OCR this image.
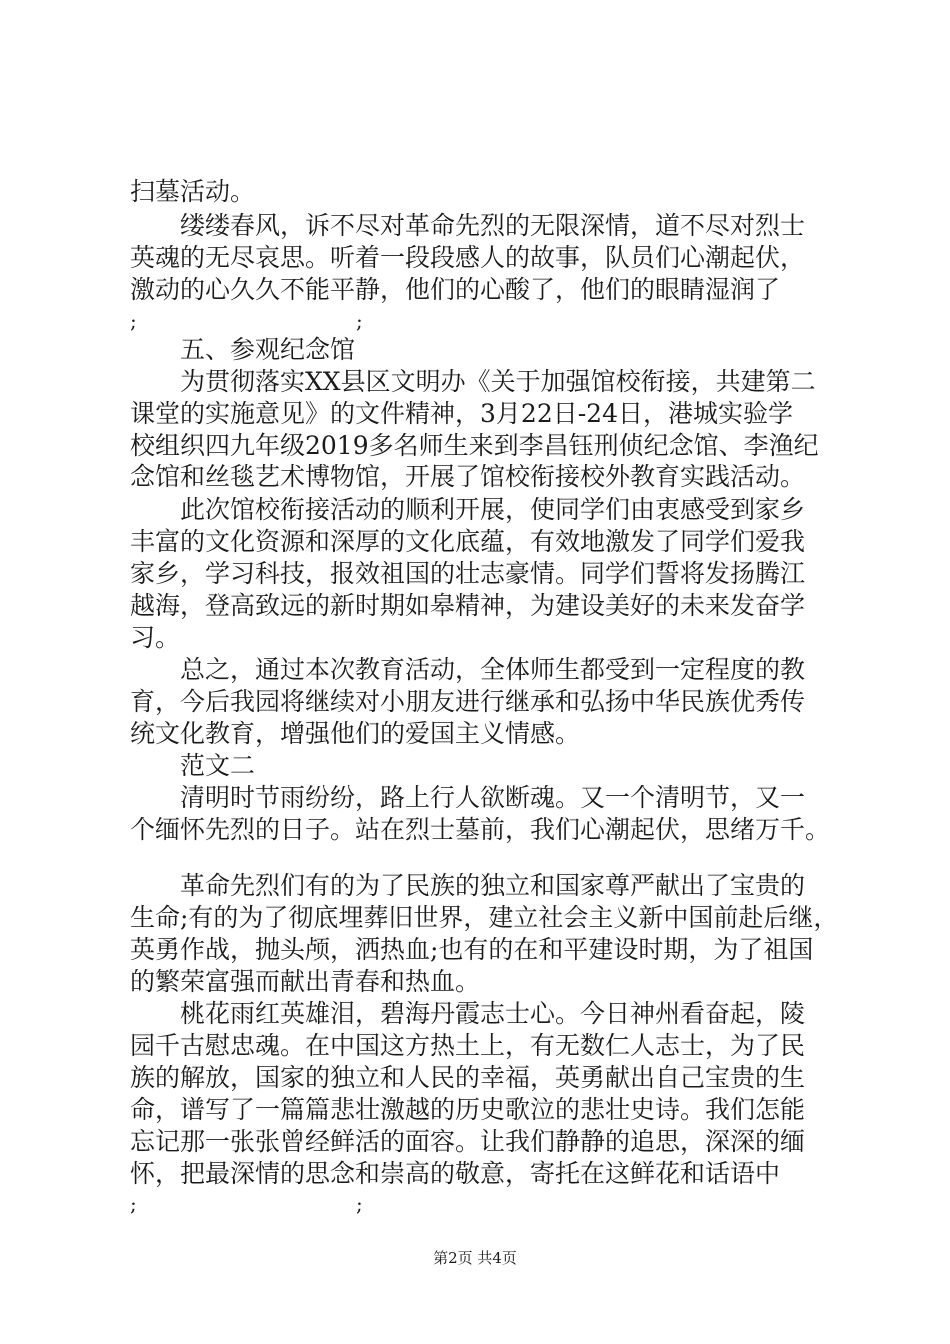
扫墓活动。
缕缕春风，诉不尽对革命先烈的无限深情，道不尽对烈士
英魂的无尽哀思。听着一段段感人的故事，队员们心潮起伏，
激动的心久久不能平静，他们的心酸了，他们的眼睛湿润了
;	;
五、参观纪念馆
为贯彻落实XX县区文明办《关于加强馆校衔接，共建第二
课堂的实施意见》的文件精神，3月22日-24日，港城实验学
校组织四九年级2019多名师生来到李昌钰刑侦纪念馆、李渔纪
念馆和丝毯艺术博物馆，开展了馆校衔接校外教育实践活动。
此次馆校衔接活动的顺利开展，使同学们由衷感受到家乡
丰富的文化资源和深厚的文化底蕴，有效地激发了同学们爱我
家乡，学习科技，报效祖国的壮志豪情。同学们誓将发扬腾江
越海，登高致远的新时期如皋精神，为建设美好的未来发奋学
习。
总之，通过本次教育活动，全体师生都受到一定程度的教
育，今后我园将继续对小朋友进行继承和弘扬中华民族优秀传
统文化教育，增强他们的爱国主义情感。
范文二
清明时节雨纷纷，路上行人欲断魂。又一个清明节，又一
个缅怀先烈的日子。站在烈士墓前，我们心潮起伏，思绪万千。
革命先烈们有的为了民族的独立和国家尊严献出了宝贵的
生命;有的为了彻底埋葬旧世界，建立社会主义新中国前赴后继，
英勇作战，抛头颅，洒热血;也有的在和平建设时期，为了祖国
的繁荣富强而献出青春和热血。
桃花雨红英雄泪，碧海丹霞志士心。今日神州看奋起，陵
园千古慰忠魂。在中国这方热土上，有无数仁人志士，为了民
族的解放，国家的独立和人民的幸福，英勇献出自己宝贵的生
命，谱写了一篇篇悲壮激越的历史歌泣的悲壮史诗。我们怎能
忘记那一张张曾经鲜活的面容。让我们静静的追思，深深的缅
怀，把最深情的思念和崇高的敬意，寄托在这鲜花和话语中
;	;
第2页 共4页
